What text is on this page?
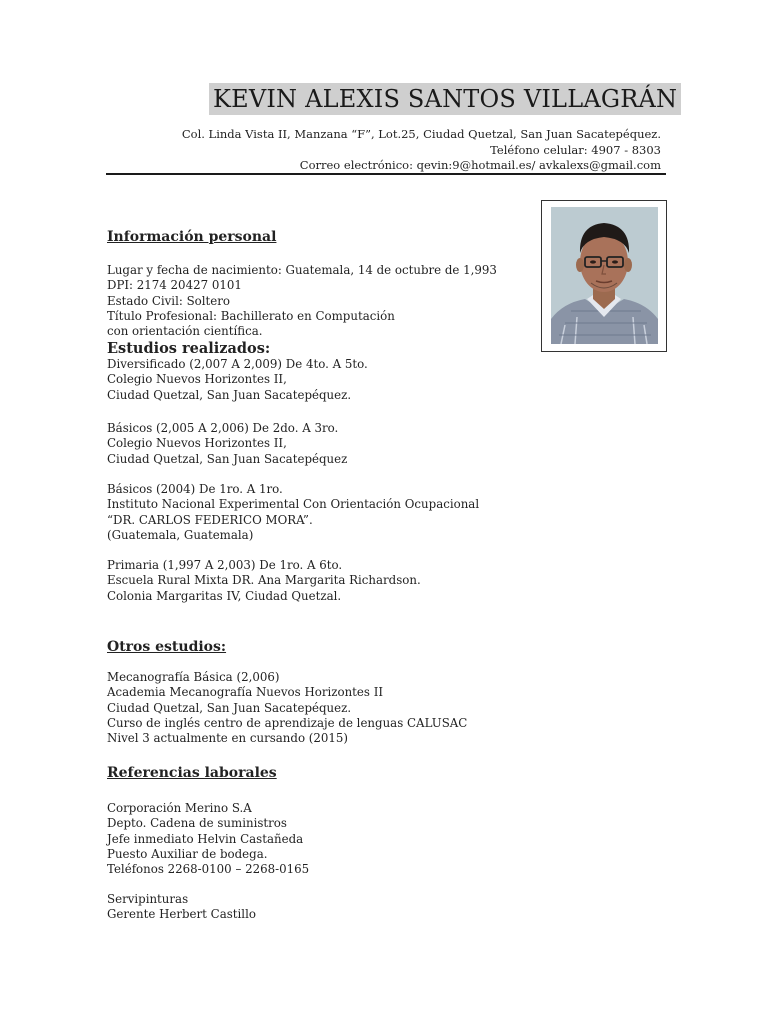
KEVIN ALEXIS SANTOS VILLAGRÁN
Col. Linda Vista II, Manzana “F”, Lot.25, Ciudad Quetzal, San Juan Sacatepéquez.
Teléfono celular: 4907 - 8303
Correo electrónico: qevin:9@hotmail.es/ avkalexs@gmail.com
Información personal
Lugar y fecha de nacimiento: Guatemala, 14 de octubre de 1,993
DPI: 2174 20427 0101
Estado Civil: Soltero
Título Profesional: Bachillerato en Computación
con orientación científica.
Estudios realizados:
Diversificado (2,007 A 2,009) De 4to. A 5to.
Colegio Nuevos Horizontes II,
Ciudad Quetzal, San Juan Sacatepéquez.
Básicos (2,005 A 2,006) De 2do. A 3ro.
Colegio Nuevos Horizontes II,
Ciudad Quetzal, San Juan Sacatepéquez
Básicos (2004) De 1ro. A 1ro.
Instituto Nacional Experimental Con Orientación Ocupacional
“DR. CARLOS FEDERICO MORA”.
(Guatemala, Guatemala)
Primaria (1,997 A 2,003) De 1ro. A 6to.
Escuela Rural Mixta DR. Ana Margarita Richardson.
Colonia Margaritas IV, Ciudad Quetzal.
Otros estudios:
Mecanografía Básica (2,006)
Academia Mecanografía Nuevos Horizontes II
Ciudad Quetzal, San Juan Sacatepéquez.
Curso de inglés centro de aprendizaje de lenguas CALUSAC
Nivel 3 actualmente en cursando (2015)
Referencias laborales
Corporación Merino S.A
Depto. Cadena de suministros
Jefe inmediato Helvin Castañeda
Puesto Auxiliar de bodega.
Teléfonos 2268-0100 – 2268-0165
Servipinturas
Gerente Herbert Castillo
